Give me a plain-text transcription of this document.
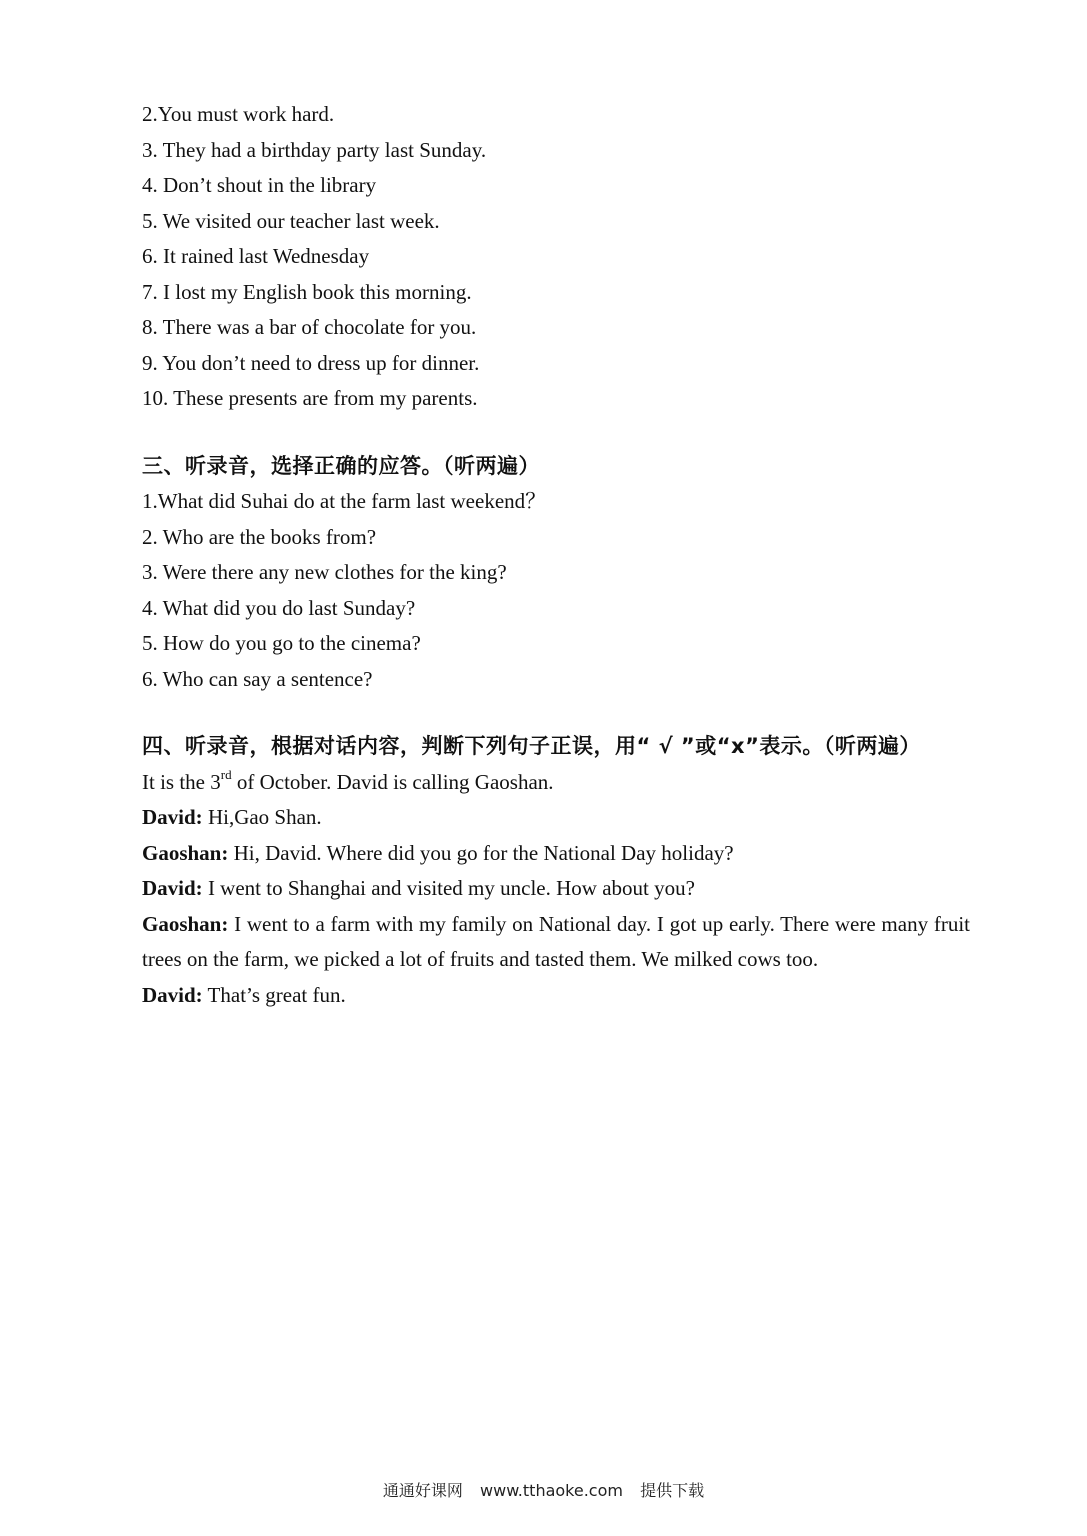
2.You must work hard.
3. They had a birthday party last Sunday.
4. Don’t shout in the library
5. We visited our teacher last week.
6. It rained last Wednesday
7. I lost my English book this morning.
8. There was a bar of chocolate for you.
9. You don’t need to dress up for dinner.
10. These presents are from my parents.
三、听录音，选择正确的应答。（听两遍）
1.What did Suhai do at the farm last weekend？
2. Who are the books from?
3. Were there any new clothes for the king?
4. What did you do last Sunday?
5. How do you go to the cinema?
6. Who can say a sentence?
四、听录音，根据对话内容，判断下列句子正误，用“ √ ”或“x”表示。（听两遍）
It is the 3rd of October. David is calling Gaoshan.
David: Hi,Gao Shan.
Gaoshan: Hi, David. Where did you go for the National Day holiday?
David: I went to Shanghai and visited my uncle. How about you?
Gaoshan: I went to a farm with my family on National day. I got up early. There were many fruit trees on the farm, we picked a lot of fruits and tasted them. We milked cows too.
David: That’s great fun.
通通好课网 www.tthaoke.com 提供下载
